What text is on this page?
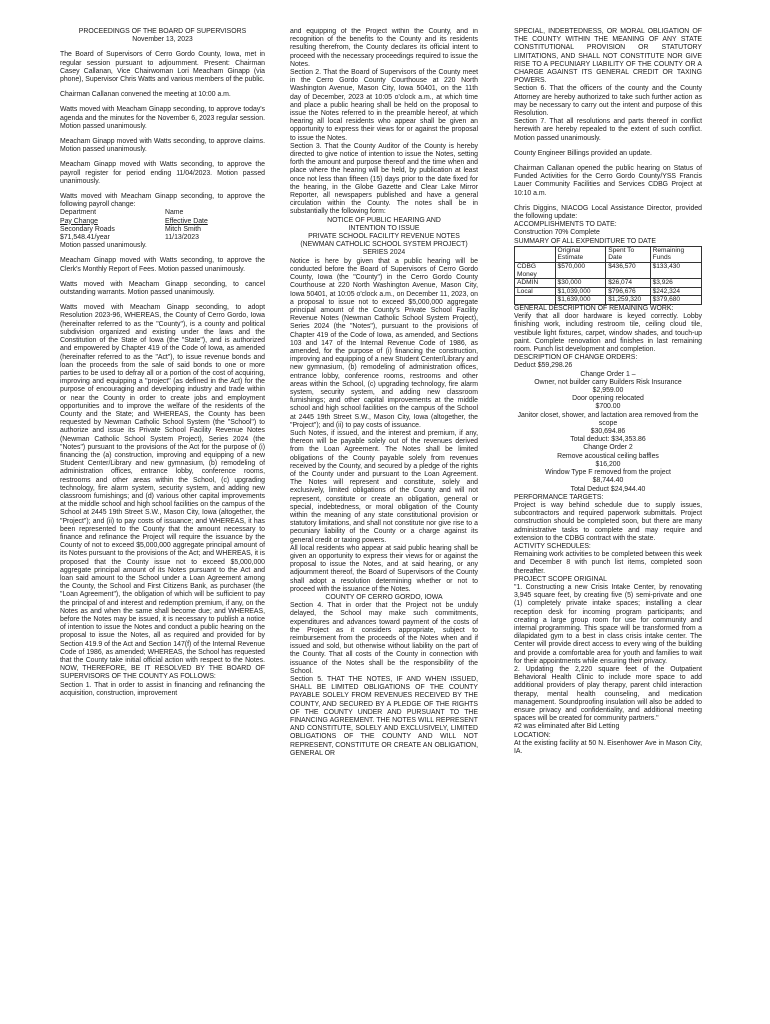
PROCEEDINGS OF THE BOARD OF SUPERVISORS

November 13, 2023

The Board of Supervisors of Cerro Gordo County, Iowa, met in regular session pursuant to adjournment. Present: Chairman Casey Callanan, Vice Chairwoman Lori Meacham Ginapp (via phone), Supervisor Chris Watts and various members of the public.

Chairman Callanan convened the meeting at 10:00 a.m.

Watts moved with Meacham Ginapp seconding, to approve today's agenda and the minutes for the November 6, 2023 regular session. Motion passed unanimously.

Meacham Ginapp moved with Watts seconding, to approve claims. Motion passed unanimously.

Meacham Ginapp moved with Watts seconding, to approve the payroll register for period ending 11/04/2023. Motion passed unanimously.

Watts moved with Meacham Ginapp seconding, to approve the following payroll change:

Department	Name
Pay Change	Effective Date
Secondary Roads	Mitch Smith
$71,548.41/year	11/13/2023

Motion passed unanimously.

Meacham Ginapp moved with Watts seconding, to approve the Clerk's Monthly Report of Fees. Motion passed unanimously.

Watts moved with Meacham Ginapp seconding, to cancel outstanding warrants. Motion passed unanimously.

Watts moved with Meacham Ginapp seconding, to adopt Resolution 2023-96, WHEREAS, the County of Cerro Gordo, Iowa (hereinafter referred to as the "County"), is a county and political subdivision organized and existing under the laws and the Constitution of the State of Iowa (the "State"), and is authorized and empowered by Chapter 419 of the Code of Iowa, as amended (hereinafter referred to as the "Act"), to issue revenue bonds and loan the proceeds from the sale of said bonds to one or more parties to be used to defray all or a portion of the cost of acquiring, improving and equipping a "project" (as defined in the Act) for the purpose of encouraging and developing industry and trade within or near the County in order to create jobs and employment opportunities and to improve the welfare of the residents of the County and the State; and WHEREAS, the County has been requested by Newman Catholic School System (the "School") to authorize and issue its Private School Facility Revenue Notes (Newman Catholic School System Project), Series 2024 (the "Notes") pursuant to the provisions of the Act for the purpose of (i) financing the (a) construction, improving and equipping of a new Student Center/Library and new gymnasium, (b) remodeling of administration offices, entrance lobby, conference rooms, restrooms and other areas within the School, (c) upgrading technology, fire alarm system, security system, and adding new classroom furnishings; and (d) various other capital improvements at the middle school and high school facilities on the campus of the School at 2445 19th Street S.W., Mason City, Iowa (altogether, the "Project"); and (ii) to pay costs of issuance; and WHEREAS, it has been represented to the County that the amount necessary to finance and refinance the Project will require the issuance by the County of not to exceed $5,000,000 aggregate principal amount of its Notes pursuant to the provisions of the Act; and WHEREAS, it is proposed that the County issue not to exceed $5,000,000 aggregate principal amount of its Notes pursuant to the Act and loan said amount to the School under a Loan Agreement among the County, the School and First Citizens Bank, as purchaser (the "Loan Agreement"), the obligation of which will be sufficient to pay the principal of and interest and redemption premium, if any, on the Notes as and when the same shall become due; and WHEREAS, before the Notes may be issued, it is necessary to publish a notice of intention to issue the Notes and conduct a public hearing on the proposal to issue the Notes, all as required and provided for by Section 419.9 of the Act and Section 147(f) of the Internal Revenue Code of 1986, as amended; WHEREAS, the School has requested that the County take initial official action with respect to the Notes. NOW, THEREFORE, BE IT RESOLVED BY THE BOARD OF SUPERVISORS OF THE COUNTY AS FOLLOWS:

Section 1. That in order to assist in financing and refinancing the acquisition, construction, improvement

and equipping of the Project within the County, and in recognition of the benefits to the County and its residents resulting therefrom, the County declares its official intent to proceed with the necessary proceedings required to issue the Notes.

Section 2. That the Board of Supervisors of the County meet in the Cerro Gordo County Courthouse at 220 North Washington Avenue, Mason City, Iowa 50401, on the 11th day of December, 2023 at 10:05 o'clock a.m., at which time and place a public hearing shall be held on the proposal to issue the Notes referred to in the preamble hereof, at which hearing all local residents who appear shall be given an opportunity to express their views for or against the proposal to issue the Notes.

Section 3. That the County Auditor of the County is hereby directed to give notice of intention to issue the Notes, setting forth the amount and purpose thereof and the time when and place where the hearing will be held, by publication at least once not less than fifteen (15) days prior to the date fixed for the hearing, in the Globe Gazette and Clear Lake Mirror Reporter, all newspapers published and have a general circulation within the County. The notes shall be in substantially the following form:

NOTICE OF PUBLIC HEARING AND

INTENTION TO ISSUE

PRIVATE SCHOOL FACILITY REVENUE NOTES

(NEWMAN CATHOLIC SCHOOL SYSTEM PROJECT)

SERIES 2024

Notice is here by given that a public hearing will be conducted before the Board of Supervisors of Cerro Gordo County, Iowa (the "County") in the Cerro Gordo County Courthouse at 220 North Washington Avenue, Mason City, Iowa 50401, at 10:05 o'clock a.m., on December 11, 2023, on a proposal to issue not to exceed $5,000,000 aggregate principal amount of the County's Private School Facility Revenue Notes (Newman Catholic School System Project), Series 2024 (the "Notes"), pursuant to the provisions of Chapter 419 of the Code of Iowa, as amended, and Sections 103 and 147 of the Internal Revenue Code of 1986, as amended, for the purpose of (i) financing the construction, improving and equipping of a new Student Center/Library and new gymnasium, (b) remodeling of administration offices, entrance lobby, conference rooms, restrooms and other areas within the School, (c) upgrading technology, fire alarm system, security system, and adding new classroom furnishings; and other capital improvements at the middle school and high school facilities on the campus of the School at 2445 19th Street S.W., Mason City, Iowa (altogether, the "Project"); and (ii) to pay costs of issuance.

Such Notes, if issued, and the interest and premium, if any, thereon will be payable solely out of the revenues derived from the Loan Agreement. The Notes shall be limited obligations of the County payable solely from revenues received by the County, and secured by a pledge of the rights of the County under and pursuant to the Loan Agreement. The Notes will represent and constitute, solely and exclusively, limited obligations of the County and will not represent, constitute or create an obligation, general or special, indebtedness, or moral obligation of the County within the meaning of any state constitutional provision or statutory limitations, and shall not constitute nor give rise to a pecuniary liability of the County or a charge against its general credit or taxing powers.

All local residents who appear at said public hearing shall be given an opportunity to express their views for or against the proposal to issue the Notes, and at said hearing, or any adjournment thereof, the Board of Supervisors of the County shall adopt a resolution determining whether or not to proceed with the issuance of the Notes.

COUNTY OF CERRO GORDO, IOWA

Section 4. That in order that the Project not be unduly delayed, the School may make such commitments, expenditures and advances toward payment of the costs of the Project as it considers appropriate, subject to reimbursement from the proceeds of the Notes when and if issued and sold, but otherwise without liability on the part of the County. That all costs of the County in connection with issuance of the Notes shall be the responsibility of the School.

Section 5. THAT THE NOTES, IF AND WHEN ISSUED, SHALL BE LIMITED OBLIGATIONS OF THE COUNTY PAYABLE SOLELY FROM REVENUES RECEIVED BY THE COUNTY, AND SECURED BY A PLEDGE OF THE RIGHTS OF THE COUNTY UNDER AND PURSUANT TO THE FINANCING AGREEMENT. THE NOTES WILL REPRESENT AND CONSTITUTE, SOLELY AND EXCLUSIVELY, LIMITED OBLIGATIONS OF THE COUNTY AND WILL NOT REPRESENT, CONSTITUTE OR CREATE AN OBLIGATION, GENERAL OR

SPECIAL, INDEBTEDNESS, OR MORAL OBLIGATION OF THE COUNTY WITHIN THE MEANING OF ANY STATE CONSTITUTIONAL PROVISION OR STATUTORY LIMITATIONS, AND SHALL NOT CONSTITUTE NOR GIVE RISE TO A PECUNIARY LIABILITY OF THE COUNTY OR A CHARGE AGAINST ITS GENERAL CREDIT OR TAXING POWERS.

Section 6. That the officers of the county and the County Attorney are hereby authorized to take such further action as may be necessary to carry out the intent and purpose of this Resolution.

Section 7. That all resolutions and parts thereof in conflict herewith are hereby repealed to the extent of such conflict. Motion passed unanimously.

County Engineer Billings provided an update.

Chairman Callanan opened the public hearing on Status of Funded Activities for the Cerro Gordo County/YSS Francis Lauer Community Facilities and Services CDBG Project at 10:10 a.m.

Chris Diggins, NIACOG Local Assistance Director, provided the following update:

ACCOMPLISHMENTS TO DATE:

Construction 70% Complete

SUMMARY OF ALL EXPENDITURE TO DATE

	Original Estimate	Spent To Date	Remaining Funds
CDBG Money	$570,000	$436,570	$133,430
ADMIN	$30,000	$26,074	$3,926
Local	$1,039,000	$796,676	$242,324
	$1,639,000	$1,259,320	$379,680

GENERAL DESCRIPTION OF REMAINING WORK:

Verify that all door hardware is keyed correctly. Lobby finishing work, including restroom tile, ceiling cloud tile, vestibule light fixtures, carpet, window shades, and touch-up paint. Complete renovation and finishes in last remaining room. Punch list development and completion.

DESCRIPTION OF CHANGE ORDERS:

Deduct $59,298.26

Change Order 1 –

Owner, not builder carry Builders Risk Insurance

$2,959.00

Door opening relocated

$700.00

Janitor closet, shower, and lactation area removed from the scope

$30,694.86

Total deduct: $34,353.86

Change Order 2

Remove acoustical ceiling baffles

$16,200

Window Type F removed from the project

$8,744.40

Total Deduct $24,944.40

PERFORMANCE TARGETS:

Project is way behind schedule due to supply issues, subcontractors and required paperwork submittals. Project construction should be completed soon, but there are many administrative tasks to complete and may require and extension to the CDBG contract with the state.

ACTIVITY SCHEDULES:

Remaining work activities to be completed between this week and December 8 with punch list items, completed soon thereafter.

PROJECT SCOPE ORIGINAL

"1. Constructing a new Crisis Intake Center, by renovating 3,945 square feet, by creating five (5) semi-private and one (1) completely private intake spaces; installing a clear reception desk for incoming program participants; and creating a large group room for use for community and internal programming. This space will be transformed from a dilapidated gym to a best in class crisis intake center. The Center will provide direct access to every wing of the building and provide a comfortable area for youth and families to wait for their appointments while ensuring their privacy.

2. Updating the 2,220 square feet of the Outpatient Behavioral Health Clinic to include more space to add additional providers of play therapy, parent child interaction therapy, mental health counseling, and medication management. Soundproofing insulation will also be added to ensure privacy and confidentiality, and additional meeting spaces will be created for community partners."

#2 was eliminated after Bid Letting

LOCATION:

At the existing facility at 50 N. Eisenhower Ave in Mason City, IA.
